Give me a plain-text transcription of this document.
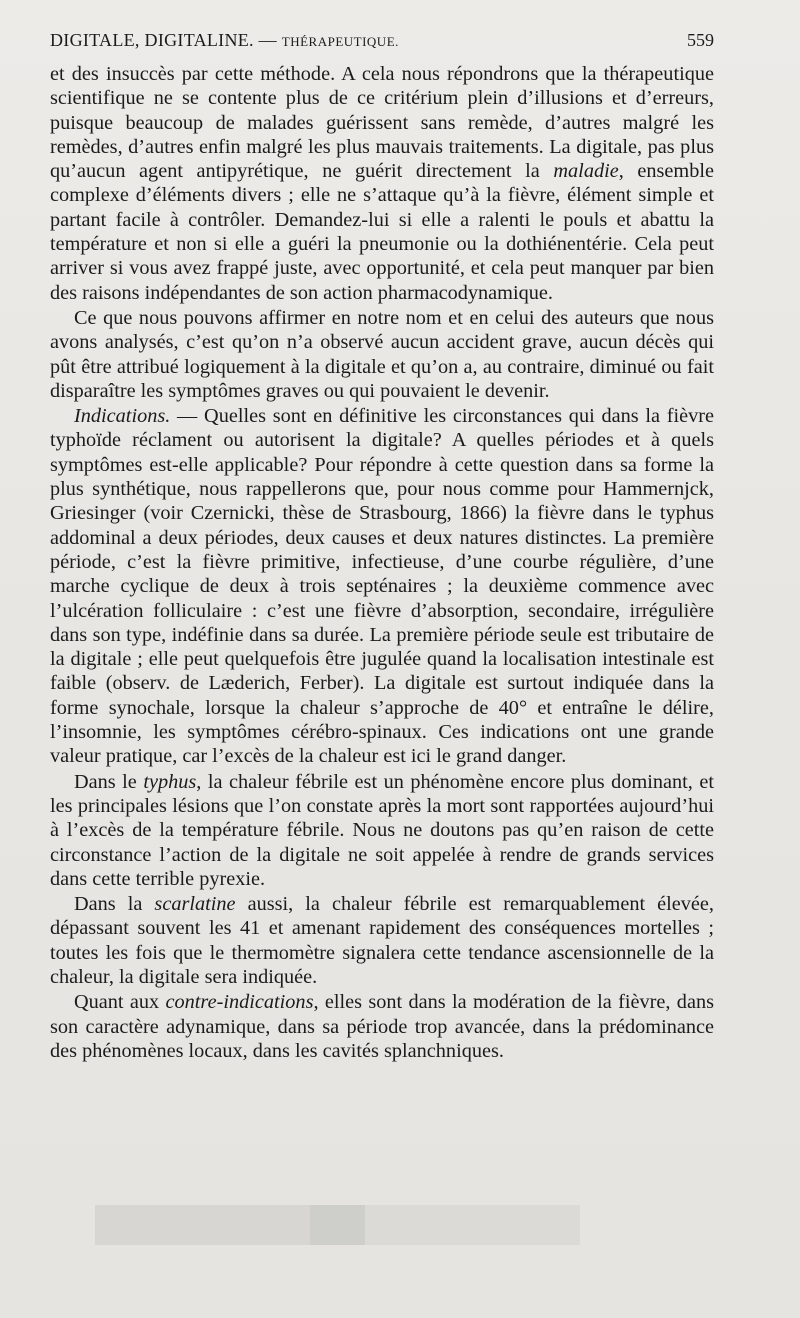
DIGITALE, DIGITALINE. — THÉRAPEUTIQUE.	559

et des insuccès par cette méthode. A cela nous répondrons que la thérapeutique scientifique ne se contente plus de ce critérium plein d’illusions et d’erreurs, puisque beaucoup de malades guérissent sans remède, d’autres malgré les remèdes, d’autres enfin malgré les plus mauvais traitements. La digitale, pas plus qu’aucun agent antipyrétique, ne guérit directement la maladie, ensemble complexe d’éléments divers ; elle ne s’attaque qu’à la fièvre, élément simple et partant facile à contrôler. Demandez-lui si elle a ralenti le pouls et abattu la température et non si elle a guéri la pneumonie ou la dothiénentérie. Cela peut arriver si vous avez frappé juste, avec opportunité, et cela peut manquer par bien des raisons indépendantes de son action pharmacodynamique.

Ce que nous pouvons affirmer en notre nom et en celui des auteurs que nous avons analysés, c’est qu’on n’a observé aucun accident grave, aucun décès qui pût être attribué logiquement à la digitale et qu’on a, au contraire, diminué ou fait disparaître les symptômes graves ou qui pouvaient le devenir.

Indications. — Quelles sont en définitive les circonstances qui dans la fièvre typhoïde réclament ou autorisent la digitale? A quelles périodes et à quels symptômes est-elle applicable? Pour répondre à cette question dans sa forme la plus synthétique, nous rappellerons que, pour nous comme pour Hammernjck, Griesinger (voir Czernicki, thèse de Strasbourg, 1866) la fièvre dans le typhus addominal a deux périodes, deux causes et deux natures distinctes. La première période, c’est la fièvre primitive, infectieuse, d’une courbe régulière, d’une marche cyclique de deux à trois septénaires ; la deuxième commence avec l’ulcération folliculaire : c’est une fièvre d’absorption, secondaire, irrégulière dans son type, indéfinie dans sa durée. La première période seule est tributaire de la digitale ; elle peut quelquefois être jugulée quand la localisation intestinale est faible (observ. de Læderich, Ferber). La digitale est surtout indiquée dans la forme synochale, lorsque la chaleur s’approche de 40° et entraîne le délire, l’insomnie, les symptômes cérébro-spinaux. Ces indications ont une grande valeur pratique, car l’excès de la chaleur est ici le grand danger.

Dans le typhus, la chaleur fébrile est un phénomène encore plus dominant, et les principales lésions que l’on constate après la mort sont rapportées aujourd’hui à l’excès de la température fébrile. Nous ne doutons pas qu’en raison de cette circonstance l’action de la digitale ne soit appelée à rendre de grands services dans cette terrible pyrexie.

Dans la scarlatine aussi, la chaleur fébrile est remarquablement élevée, dépassant souvent les 41 et amenant rapidement des conséquences mortelles ; toutes les fois que le thermomètre signalera cette tendance ascensionnelle de la chaleur, la digitale sera indiquée.

Quant aux contre-indications, elles sont dans la modération de la fièvre, dans son caractère adynamique, dans sa période trop avancée, dans la prédominance des phénomènes locaux, dans les cavités splanchniques.
